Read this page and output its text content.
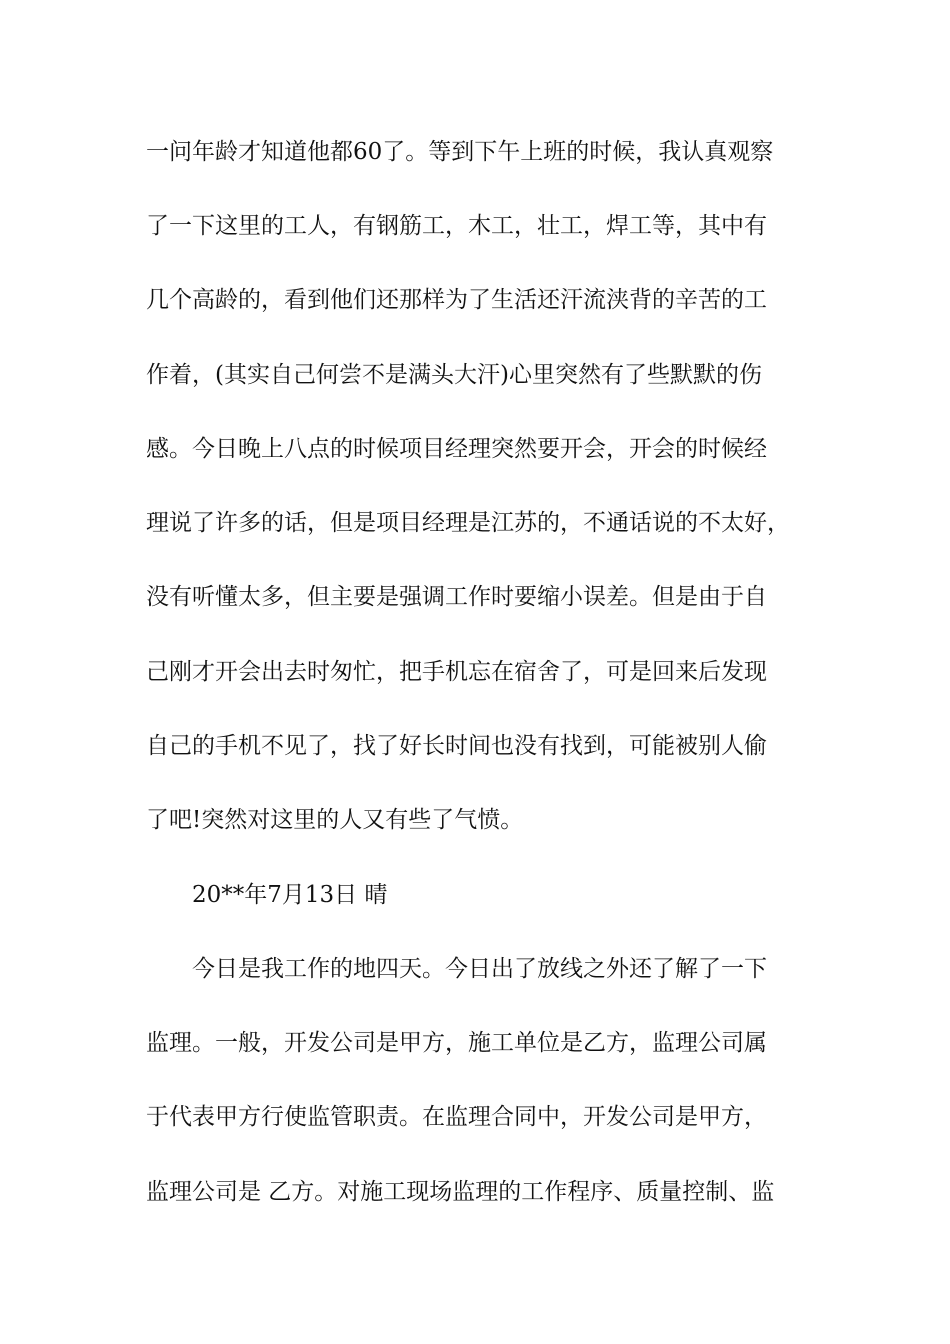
一问年龄才知道他都60了。等到下午上班的时候，我认真观察
了一下这里的工人，有钢筋工，木工，壮工，焊工等，其中有
几个高龄的，看到他们还那样为了生活还汗流浃背的辛苦的工
作着，(其实自己何尝不是满头大汗)心里突然有了些默默的伤
感。今日晚上八点的时候项目经理突然要开会，开会的时候经
理说了许多的话，但是项目经理是江苏的，不通话说的不太好，
没有听懂太多，但主要是强调工作时要缩小误差。但是由于自
己刚才开会出去时匆忙，把手机忘在宿舍了，可是回来后发现
自己的手机不见了，找了好长时间也没有找到，可能被别人偷
了吧!突然对这里的人又有些了气愤。
20**年7月13日 晴
今日是我工作的地四天。今日出了放线之外还了解了一下
监理。一般，开发公司是甲方，施工单位是乙方，监理公司属
于代表甲方行使监管职责。在监理合同中，开发公司是甲方，
监理公司是 乙方。对施工现场监理的工作程序、质量控制、监
